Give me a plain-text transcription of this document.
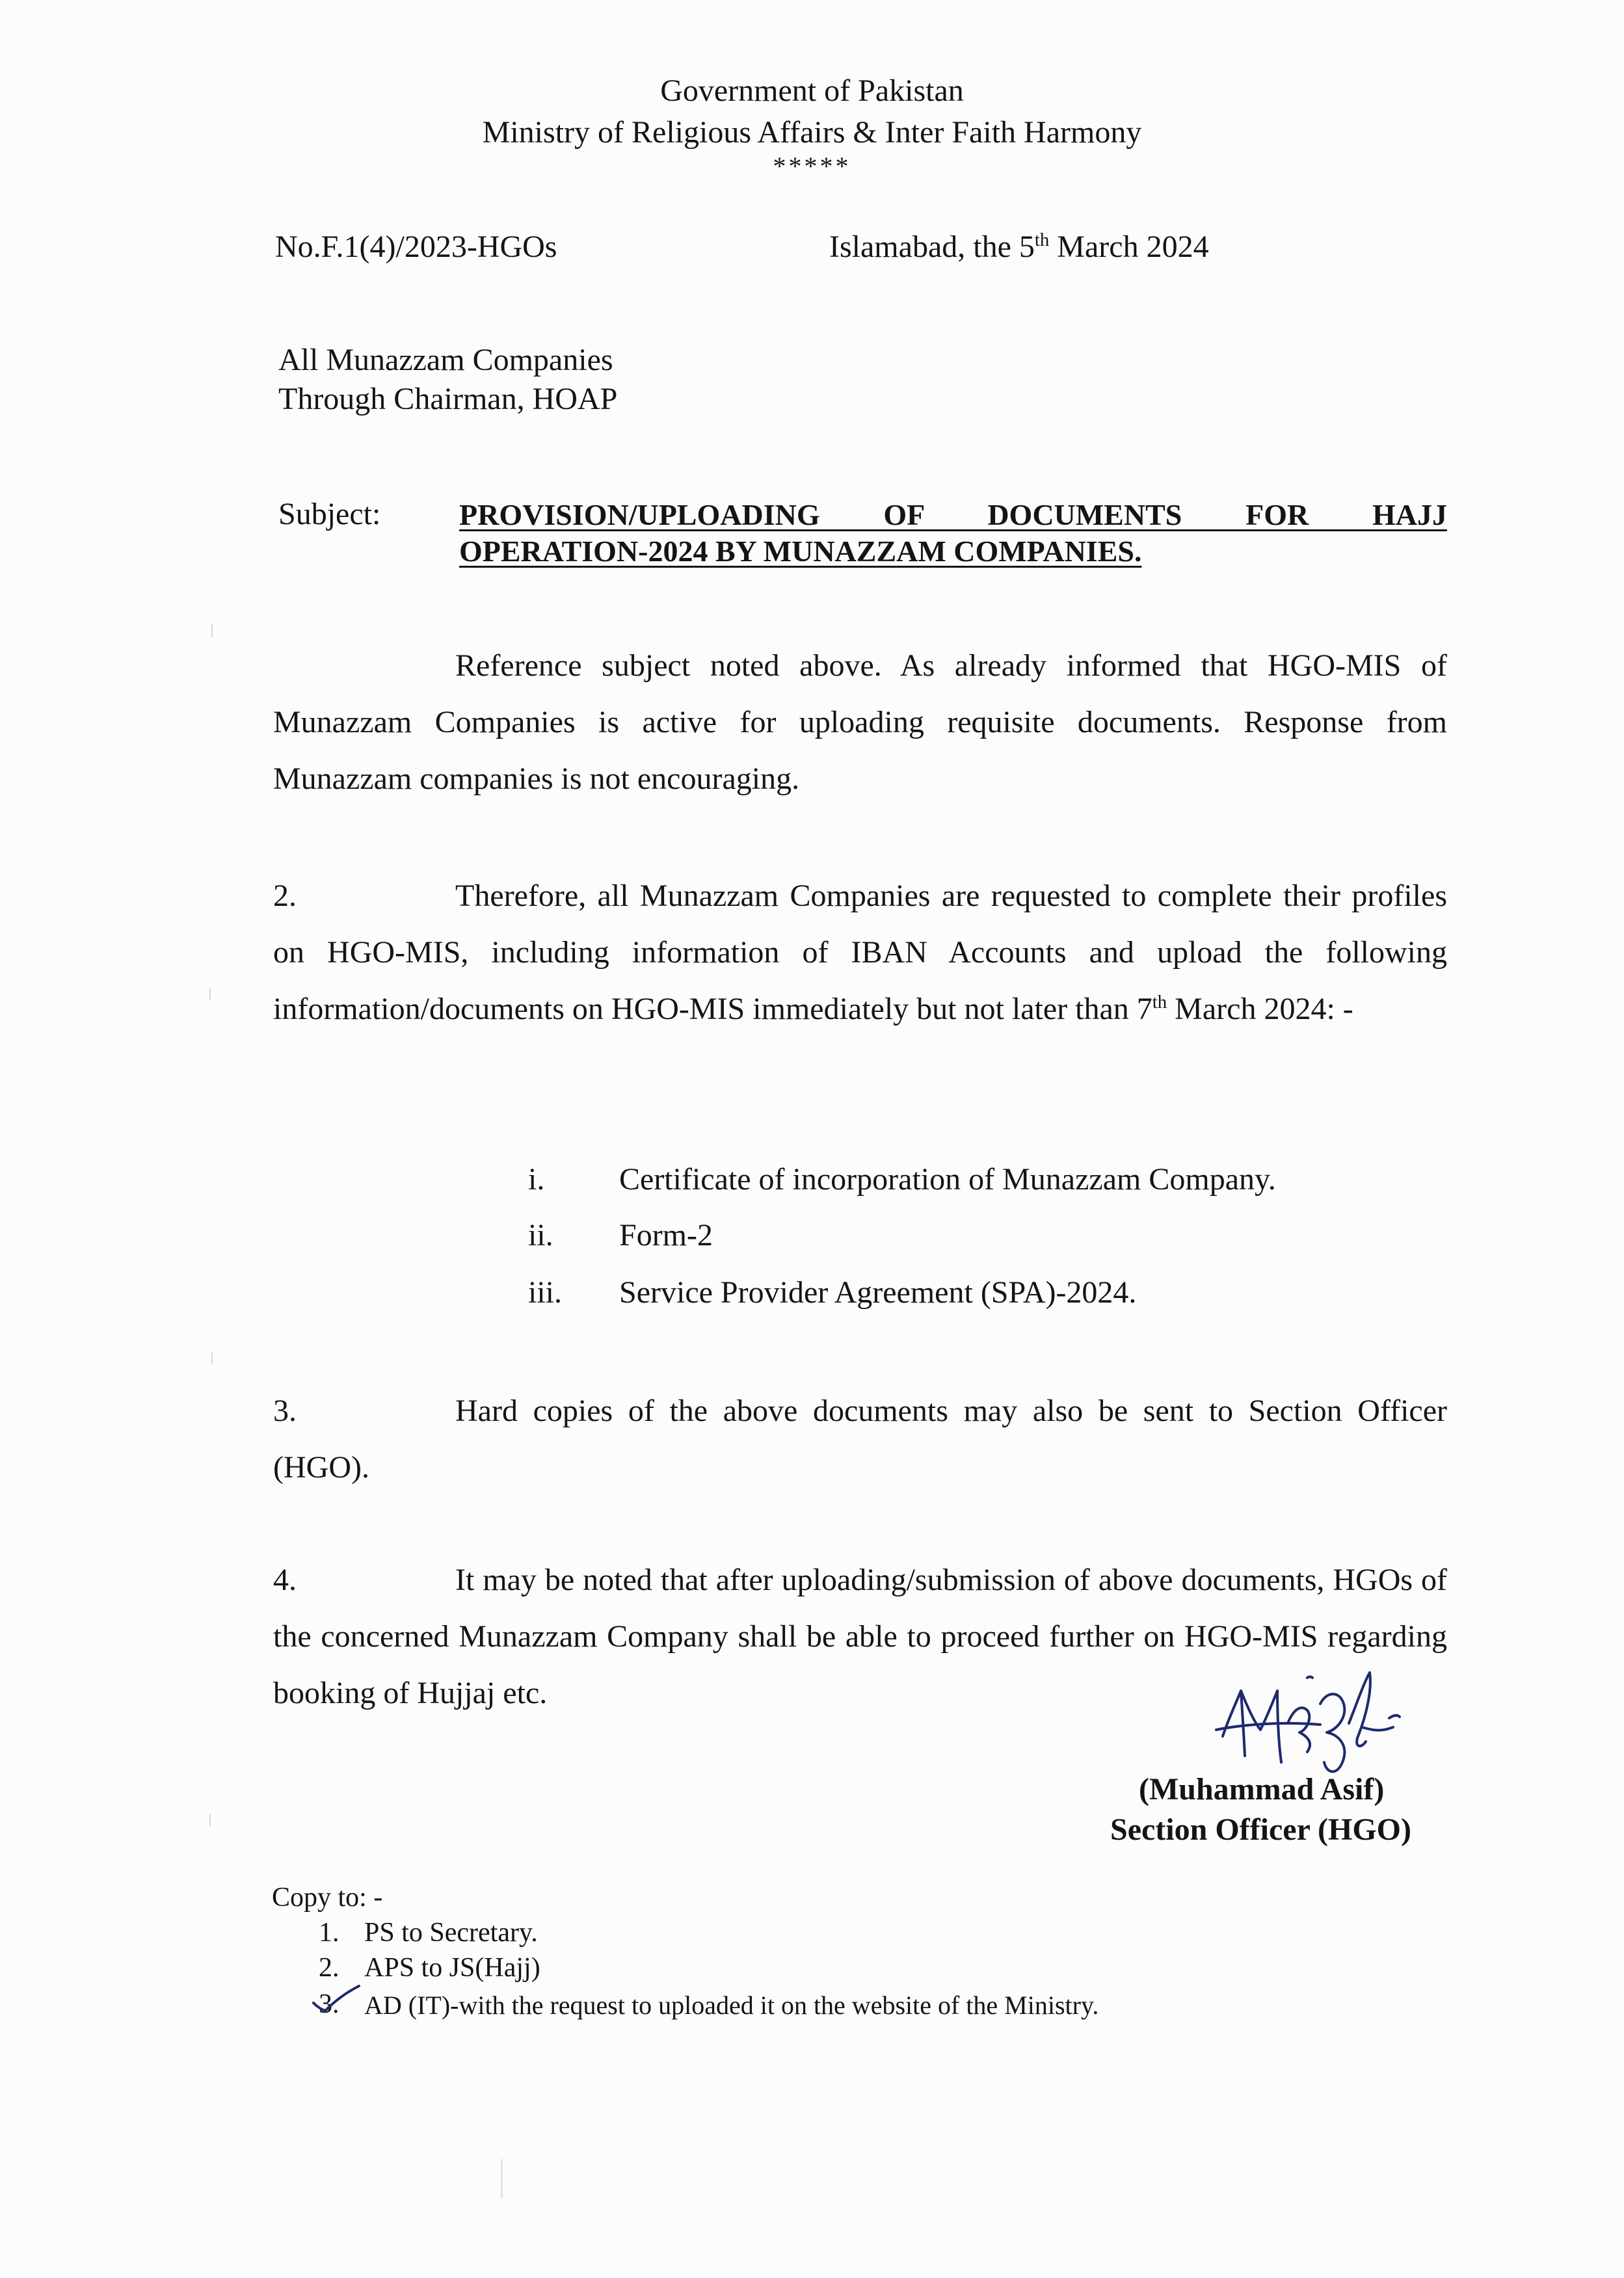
Government of Pakistan
Ministry of Religious Affairs & Inter Faith Harmony
*****
No.F.1(4)/2023-HGOs	Islamabad, the 5th March 2024
All Munazzam Companies
Through Chairman, HOAP
Subject:	PROVISION/UPLOADING OF DOCUMENTS FOR HAJJ
OPERATION-2024 BY MUNAZZAM COMPANIES.
Reference subject noted above. As already informed that HGO-MIS of Munazzam Companies is active for uploading requisite documents. Response from Munazzam companies is not encouraging.
2.	Therefore, all Munazzam Companies are requested to complete their profiles on HGO-MIS, including information of IBAN Accounts and upload the following information/documents on HGO-MIS immediately but not later than 7th March 2024: -
i. Certificate of incorporation of Munazzam Company.
ii. Form-2
iii. Service Provider Agreement (SPA)-2024.
3.	Hard copies of the above documents may also be sent to Section Officer (HGO).
4.	It may be noted that after uploading/submission of above documents, HGOs of the concerned Munazzam Company shall be able to proceed further on HGO-MIS regarding booking of Hujjaj etc.
(Muhammad Asif)
Section Officer (HGO)
Copy to: -
1. PS to Secretary.
2. APS to JS(Hajj)
3. AD (IT)-with the request to uploaded it on the website of the Ministry.
